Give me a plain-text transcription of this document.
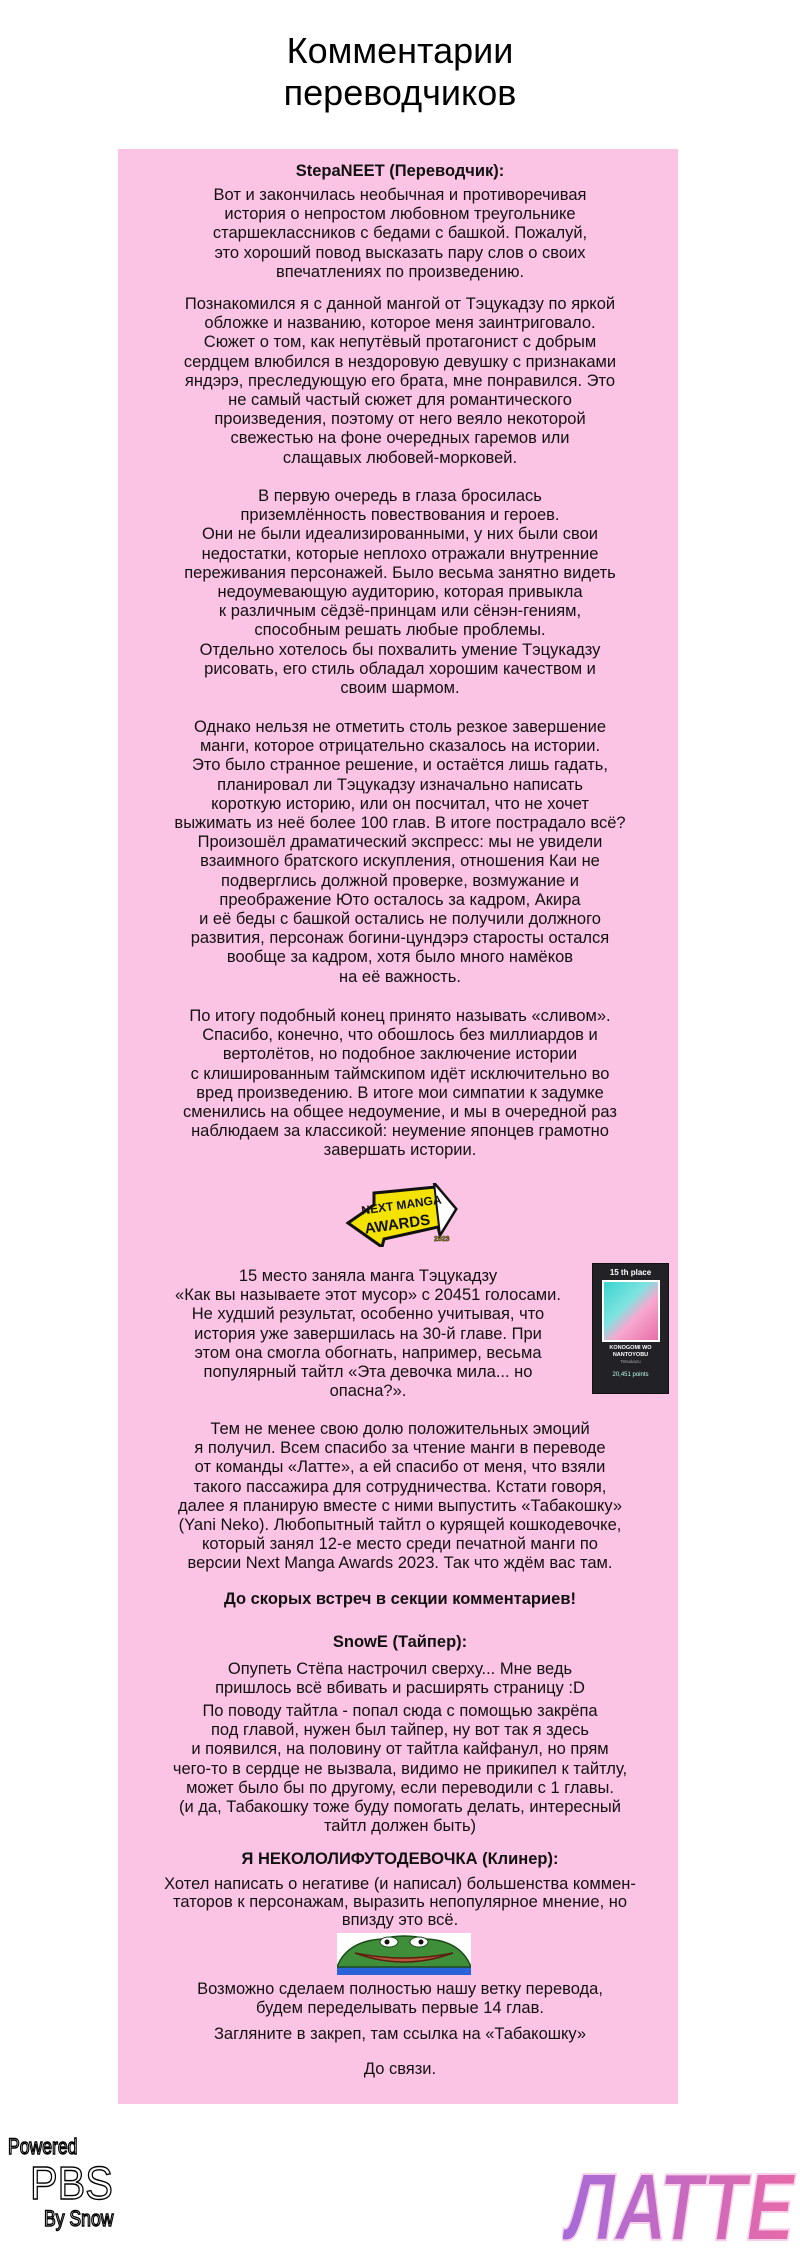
Комментарии
переводчиков
StepaNEET (Переводчик):
Вот и закончилась необычная и противоречивая
история о непростом любовном треугольнике
старшеклассников с бедами с башкой. Пожалуй,
это хороший повод высказать пару слов о своих
впечатлениях по произведению.
Познакомился я с данной мангой от Тэцукадзу по яркой
обложке и названию, которое меня заинтриговало.
Сюжет о том, как непутёвый протагонист с добрым
сердцем влюбился в нездоровую девушку с признаками
яндэрэ, преследующую его брата, мне понравился. Это
не самый частый сюжет для романтического
произведения, поэтому от него веяло некоторой
свежестью на фоне очередных гаремов или
слащавых любовей-морковей.
В первую очередь в глаза бросилась
приземлённость повествования и героев.
Они не были идеализированными, у них были свои
недостатки, которые неплохо отражали внутренние
переживания персонажей. Было весьма занятно видеть
недоумевающую аудиторию, которая привыкла
к различным сёдзё-принцам или сёнэн-гениям,
способным решать любые проблемы.
Отдельно хотелось бы похвалить умение Тэцукадзу
рисовать, его стиль обладал хорошим качеством и
своим шармом.
Однако нельзя не отметить столь резкое завершение
манги, которое отрицательно сказалось на истории.
Это было странное решение, и остаётся лишь гадать,
планировал ли Тэцукадзу изначально написать
короткую историю, или он посчитал, что не хочет
выжимать из неё более 100 глав. В итоге пострадало всё?
Произошёл драматический экспресс: мы не увидели
взаимного братского искупления, отношения Каи не
подверглись должной проверке, возмужание и
преображение Юто осталось за кадром, Акира
и её беды с башкой остались не получили должного
развития, персонаж богини-цундэрэ старосты остался
вообще за кадром, хотя было много намёков
на её важность.
По итогу подобный конец принято называть «сливом».
Спасибо, конечно, что обошлось без миллиардов и
вертолётов, но подобное заключение истории
с клишированным таймскипом идёт исключительно во
вред произведению. В итоге мои симпатии к задумке
сменились на общее недоумение, и мы в очередной раз
наблюдаем за классикой: неумение японцев грамотно
завершать истории.
NEXT MANGA
AWARDS
2023
15 место заняла манга Тэцукадзу
«Как вы называете этот мусор» с 20451 голосами.
Не худший результат, особенно учитывая, что
история уже завершилась на 30-й главе. При
этом она смогла обогнать, например, весьма
популярный тайтл «Эта девочка мила... но
опасна?».
15 th place
KONOGOMI WO
NANTOYOBU
Tetsukazu
20,451 points
Тем не менее свою долю положительных эмоций
я получил. Всем спасибо за чтение манги в переводе
от команды «Латте», а ей спасибо от меня, что взяли
такого пассажира для сотрудничества. Кстати говоря,
далее я планирую вместе с ними выпустить «Табакошку»
(Yani Neko). Любопытный тайтл о курящей кошкодевочке,
который занял 12-е место среди печатной манги по
версии Next Manga Awards 2023. Так что ждём вас там.
До скорых встреч в секции комментариев!
SnowE (Тайпер):
Опупеть Стёпа настрочил сверху... Мне ведь
пришлось всё вбивать и расширять страницу :D
По поводу тайтла - попал сюда с помощью закрёпа
под главой, нужен был тайпер, ну вот так я здесь
и появился, на половину от тайтла кайфанул, но прям
чего-то в сердце не вызвала, видимо не прикипел к тайтлу,
может было бы по другому, если переводили с 1 главы.
(и да, Табакошку тоже буду помогать делать, интересный
тайтл должен быть)
Я НЕКОЛОЛИФУТОДЕВОЧКА (Клинер):
Хотел написать о негативе (и написал) большенства коммен-
таторов к персонажам, выразить непопулярное мнение, но
впизду это всё.
Возможно сделаем полностью нашу ветку перевода,
будем переделывать первые 14 глав.
Загляните в закреп, там ссылка на «Табакошку»
До связи.
Powered
PBS
By Snow	ЛАТТЕ
